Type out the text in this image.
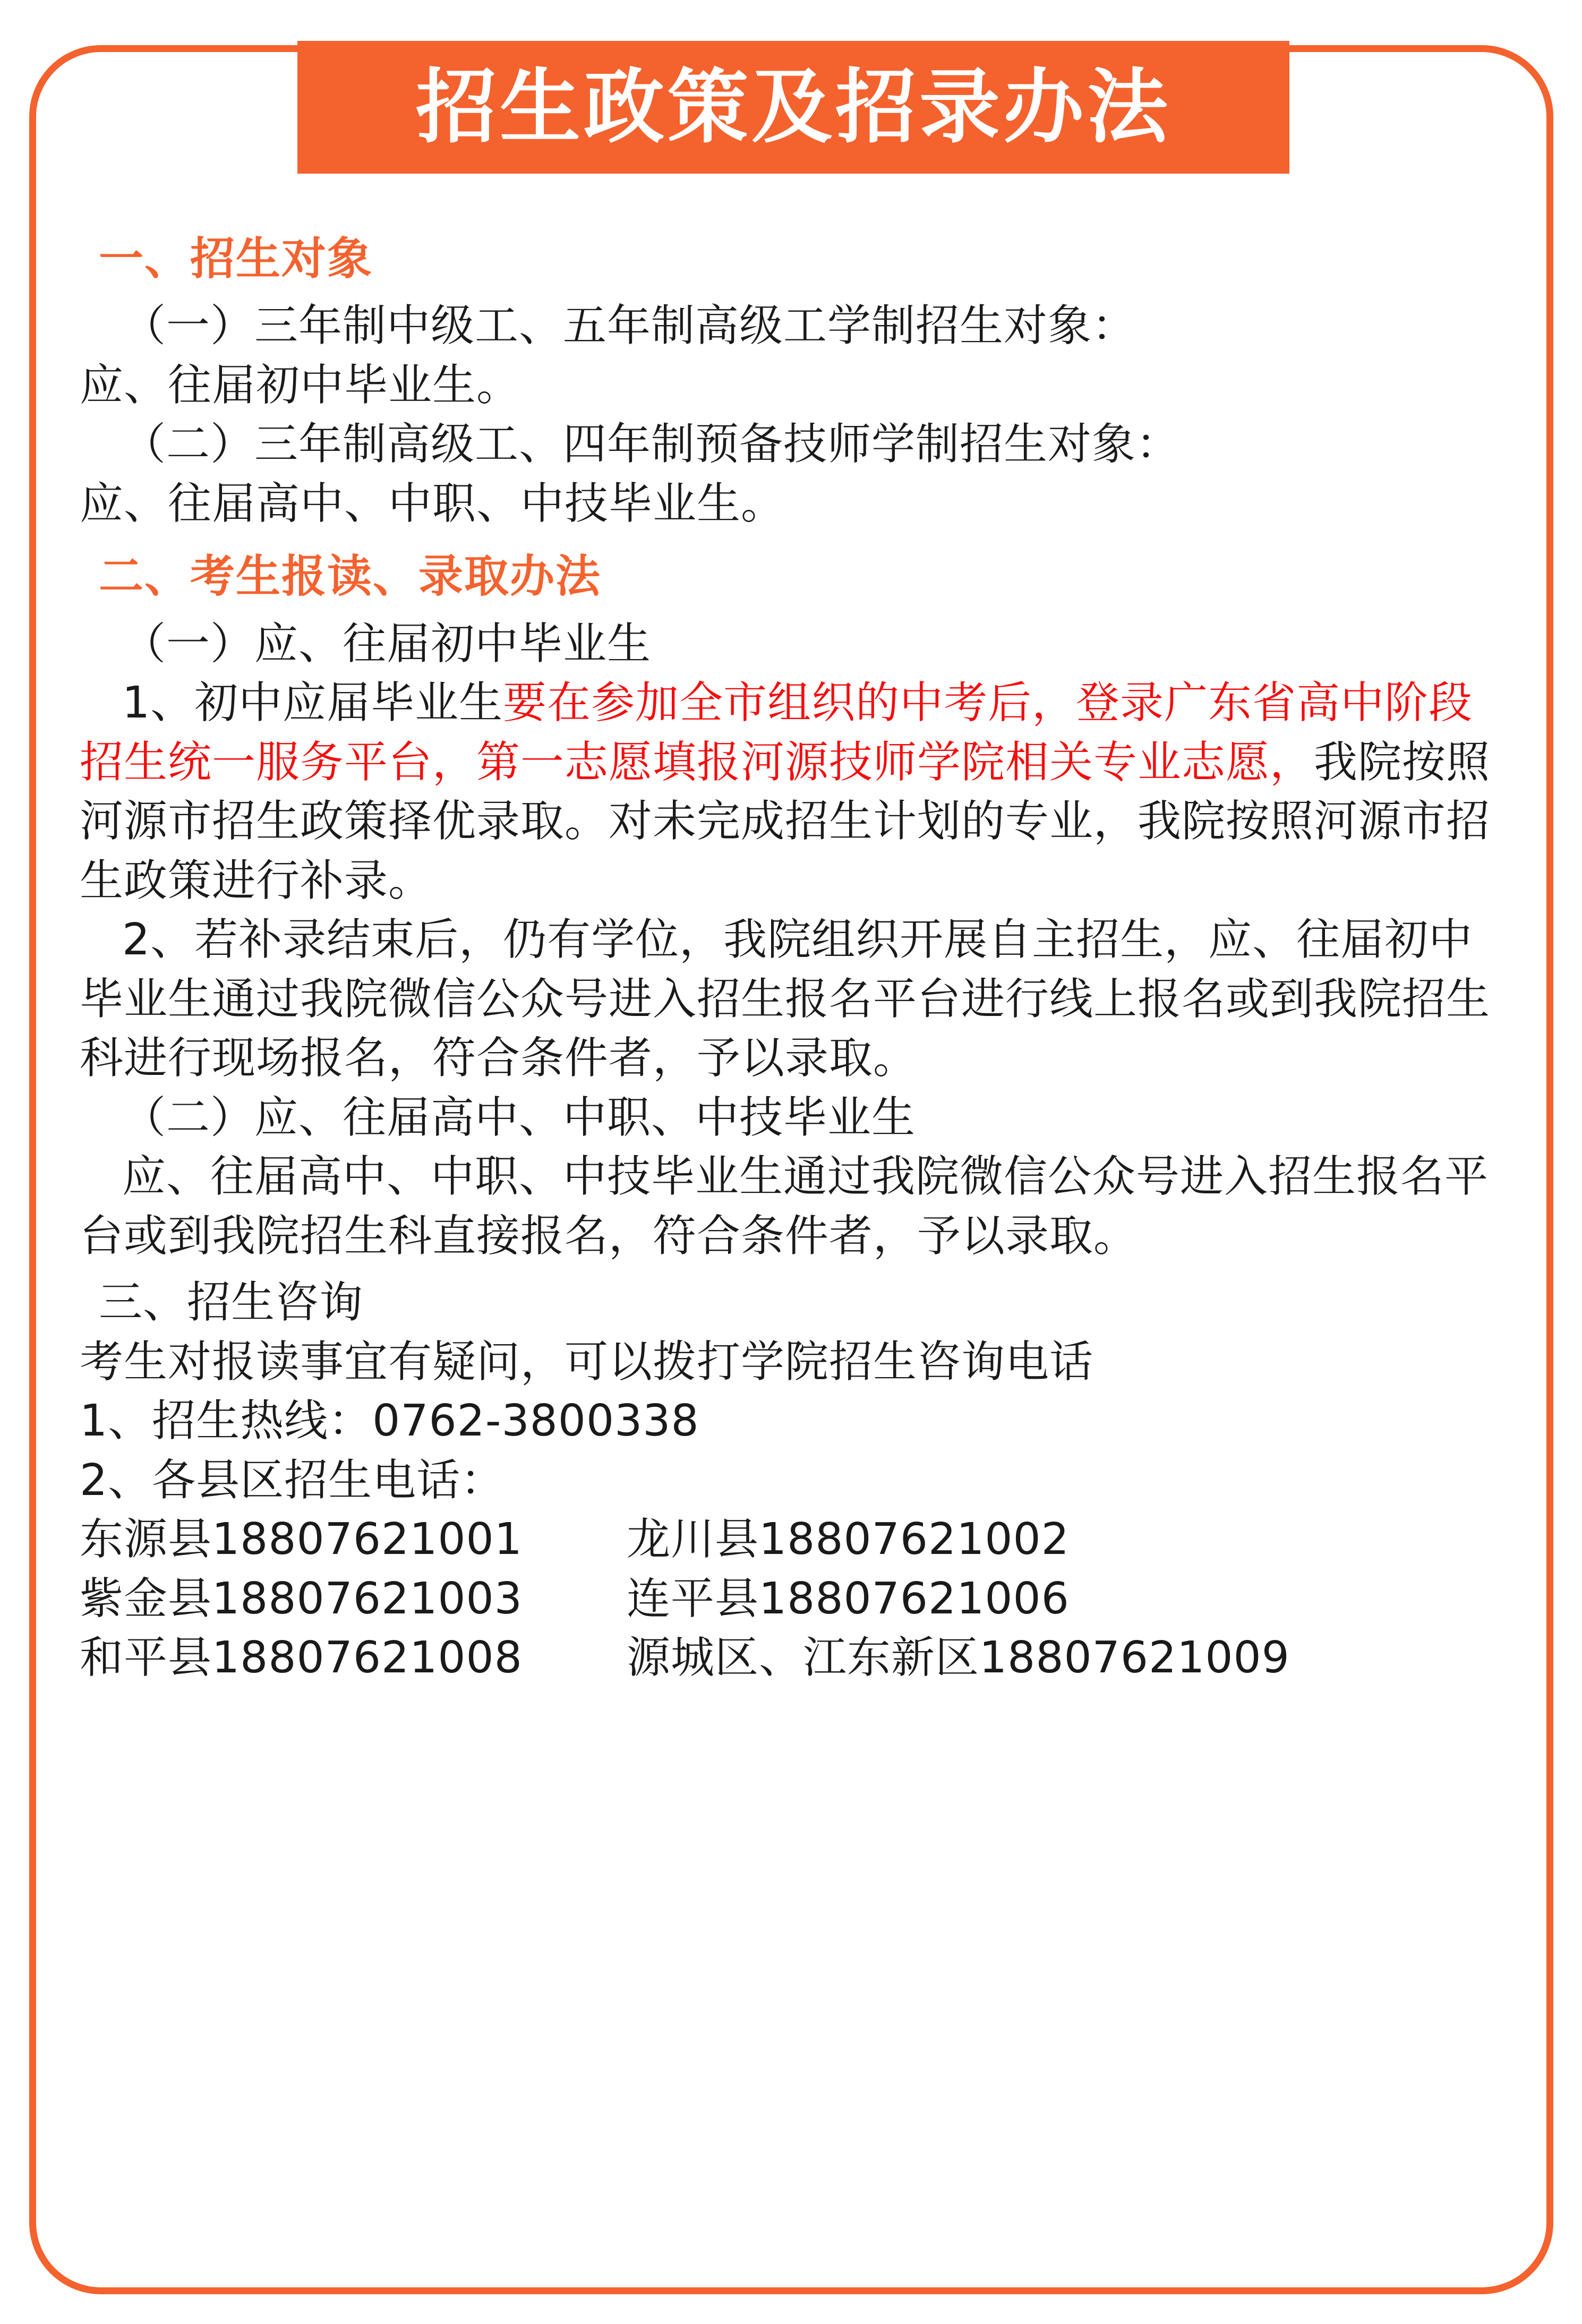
招生政策及招录办法

一、招生对象

（一）三年制中级工、五年制高级工学制招生对象：

应、往届初中毕业生。

（二）三年制高级工、四年制预备技师学制招生对象：

应、往届高中、中职、中技毕业生。

二、考生报读、录取办法

（一）应、往届初中毕业生

1、初中应届毕业生要在参加全市组织的中考后，登录广东省高中阶段招生统一服务平台，第一志愿填报河源技师学院相关专业志愿，我院按照河源市招生政策择优录取。对未完成招生计划的专业，我院按照河源市招生政策进行补录。

2、若补录结束后，仍有学位，我院组织开展自主招生，应、往届初中毕业生通过我院微信公众号进入招生报名平台进行线上报名或到我院招生科进行现场报名，符合条件者，予以录取。

（二）应、往届高中、中职、中技毕业生

应、往届高中、中职、中技毕业生通过我院微信公众号进入招生报名平台或到我院招生科直接报名，符合条件者，予以录取。

三、招生咨询

考生对报读事宜有疑问，可以拨打学院招生咨询电话

1、招生热线：0762-3800338

2、各县区招生电话：

东源县18807621001	龙川县18807621002
紫金县18807621003	连平县18807621006
和平县18807621008	源城区、江东新区18807621009
